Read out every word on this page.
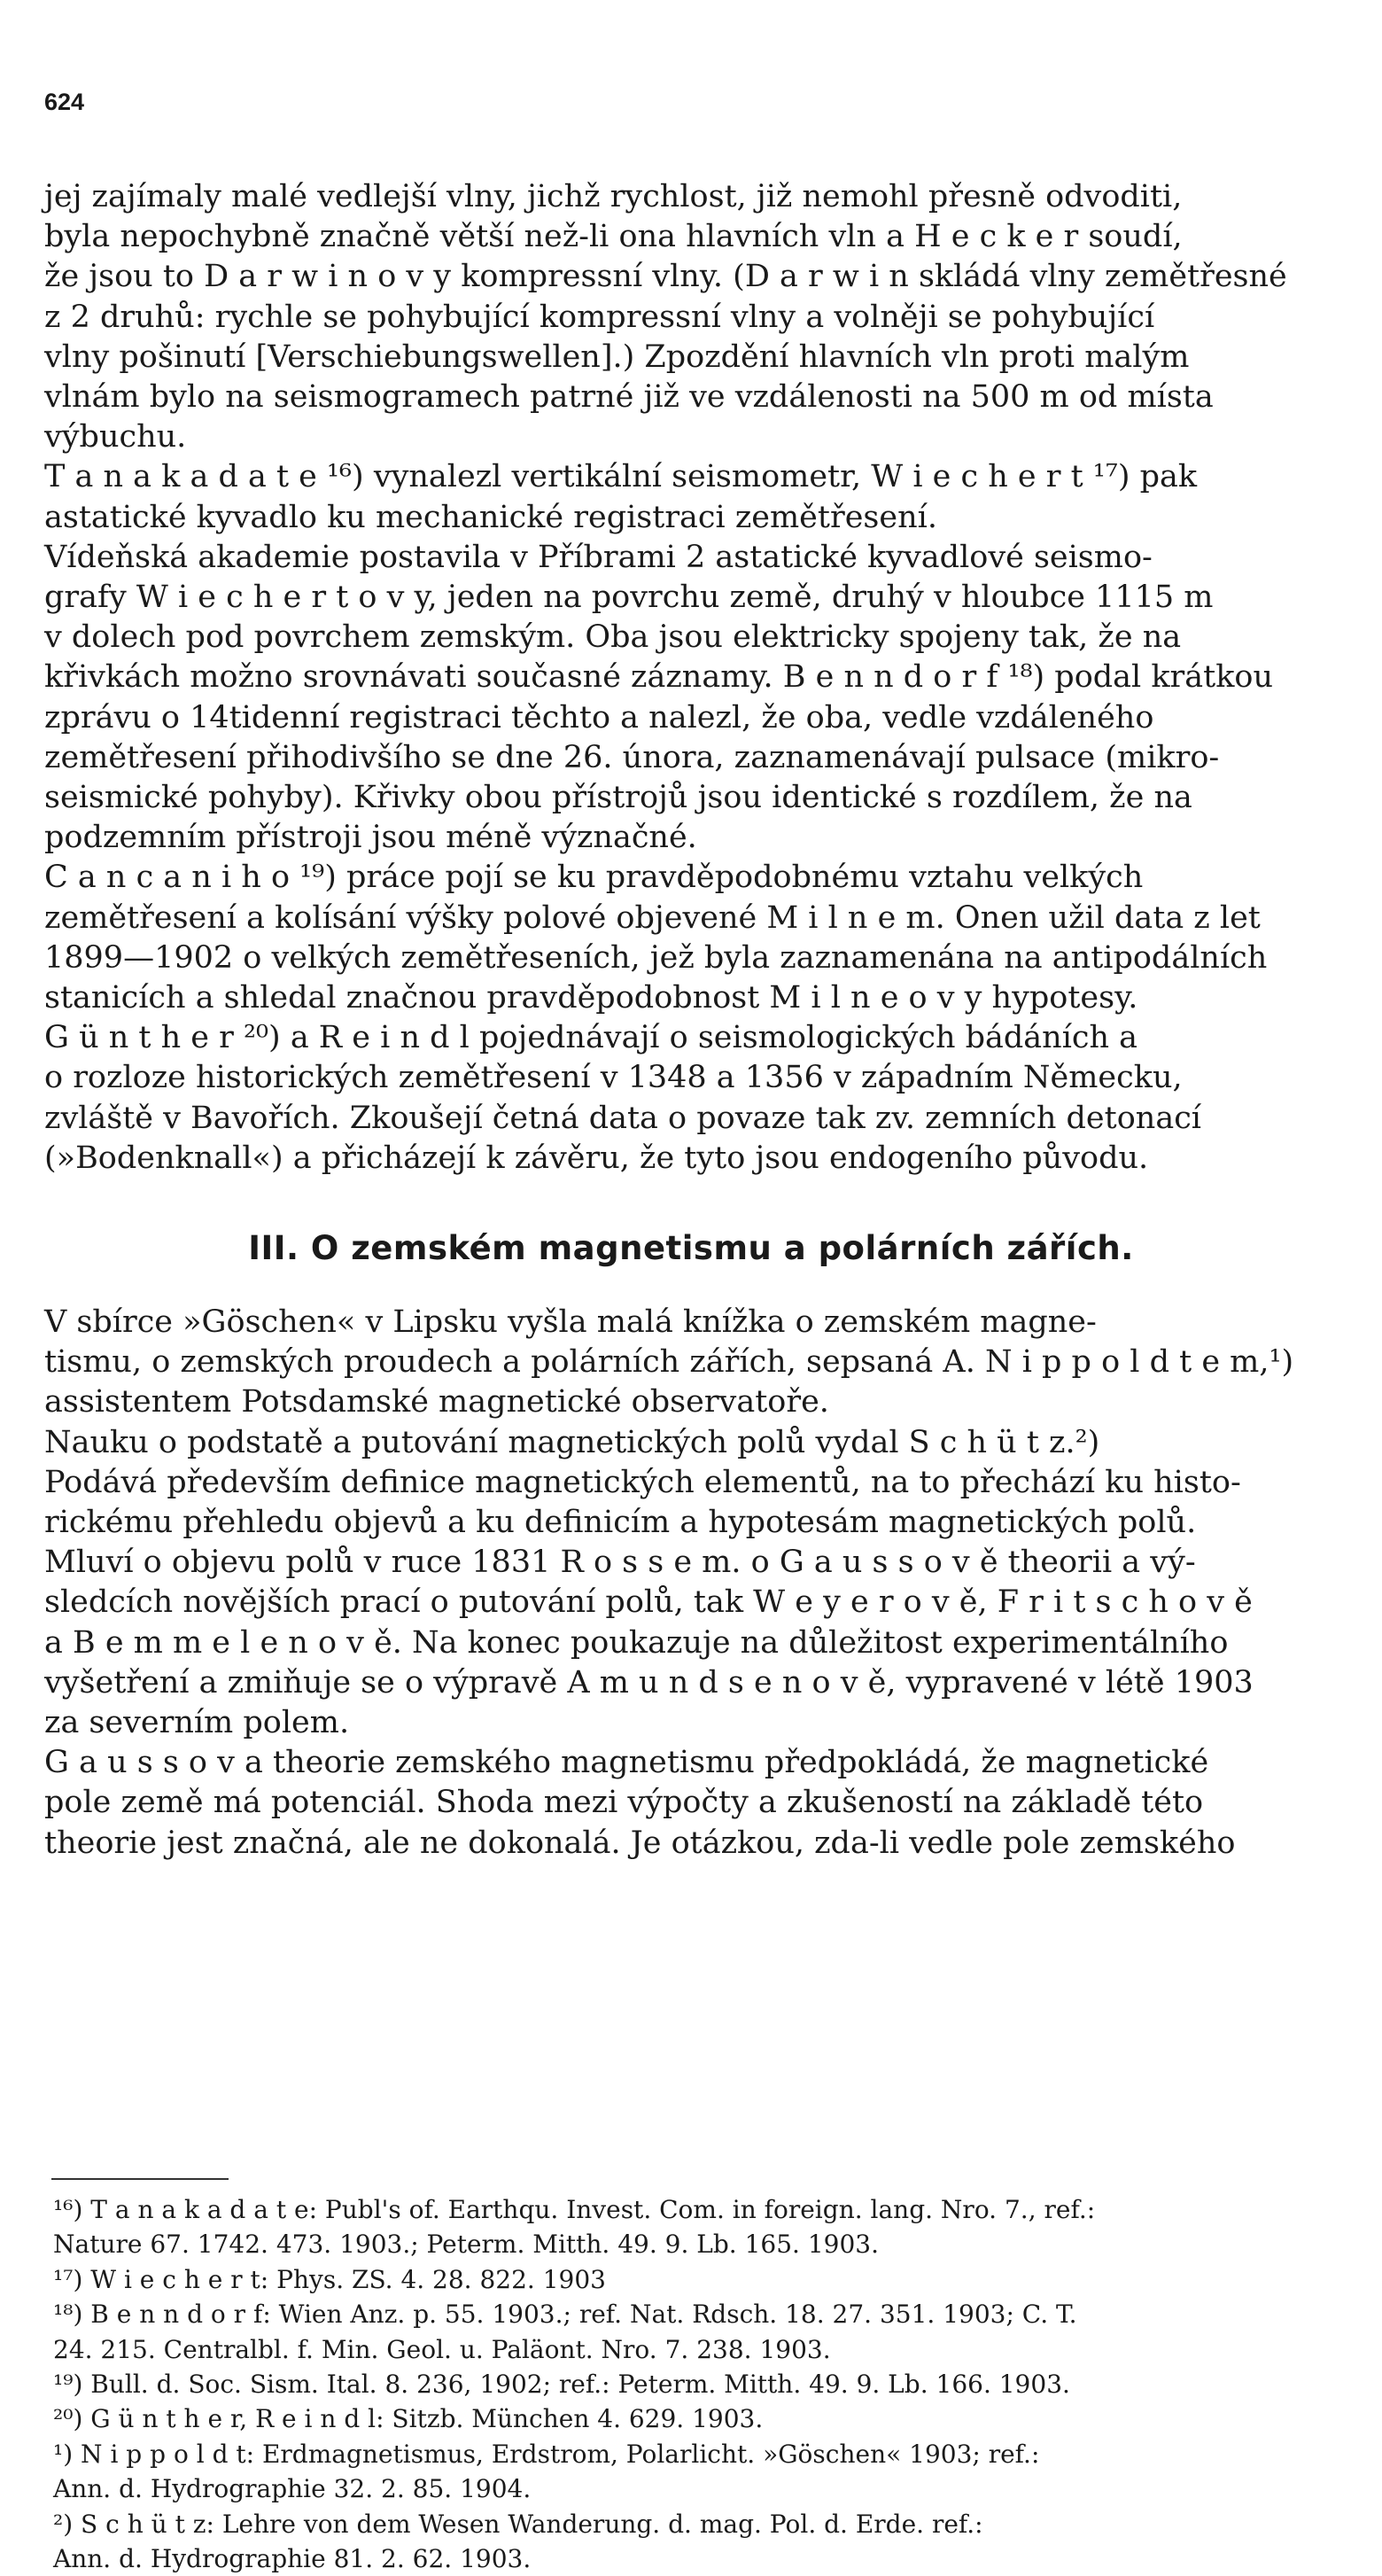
624
jej zajímaly malé vedlejší vlny, jichž rychlost, již nemohl přesně odvoditi,
byla nepochybně značně větší než-li ona hlavních vln a H e c k e r soudí,
že jsou to D a r w i n o v y kompressní vlny. (D a r w i n skládá vlny zemětřesné
z 2 druhů: rychle se pohybující kompressní vlny a volněji se pohybující
vlny pošinutí [Verschiebungswellen].) Zpozdění hlavních vln proti malým
vlnám bylo na seismogramech patrné již ve vzdálenosti na 500 m od místa
výbuchu.
T a n a k a d a t e ¹⁶) vynalezl vertikální seismometr, W i e c h e r t ¹⁷) pak
astatické kyvadlo ku mechanické registraci zemětřesení.
Vídeňská akademie postavila v Příbrami 2 astatické kyvadlové seismo-
grafy W i e c h e r t o v y, jeden na povrchu země, druhý v hloubce 1115 m
v dolech pod povrchem zemským. Oba jsou elektricky spojeny tak, že na
křivkách možno srovnávati současné záznamy. B e n n d o r f ¹⁸) podal krátkou
zprávu o 14tidenní registraci těchto a nalezl, že oba, vedle vzdáleného
zemětřesení přihodivšího se dne 26. února, zaznamenávají pulsace (mikro-
seismické pohyby). Křivky obou přístrojů jsou identické s rozdílem, že na
podzemním přístroji jsou méně význačné.
C a n c a n i h o ¹⁹) práce pojí se ku pravděpodobnému vztahu velkých
zemětřesení a kolísání výšky polové objevené M i l n e m. Onen užil data z let
1899—1902 o velkých zemětřeseních, jež byla zaznamenána na antipodálních
stanicích a shledal značnou pravděpodobnost M i l n e o v y hypotesy.
G ü n t h e r ²⁰) a R e i n d l pojednávají o seismologických bádáních a
o rozloze historických zemětřesení v 1348 a 1356 v západním Německu,
zvláště v Bavořích. Zkoušejí četná data o povaze tak zv. zemních detonací
(»Bodenknall«) a přicházejí k závěru, že tyto jsou endogeního původu.
III. O zemském magnetismu a polárních zářích.
V sbírce »Göschen« v Lipsku vyšla malá knížka o zemském magne-
tismu, o zemských proudech a polárních zářích, sepsaná A. N i p p o l d t e m,¹)
assistentem Potsdamské magnetické observatoře.
Nauku o podstatě a putování magnetických polů vydal S c h ü t z.²)
Podává především definice magnetických elementů, na to přechází ku histo-
rickému přehledu objevů a ku definicím a hypotesám magnetických polů.
Mluví o objevu polů v ruce 1831 R o s s e m. o G a u s s o v ě theorii a vý-
sledcích novějších prací o putování polů, tak W e y e r o v ě, F r i t s c h o v ě
a B e m m e l e n o v ě. Na konec poukazuje na důležitost experimentálního
vyšetření a zmiňuje se o výpravě A m u n d s e n o v ě, vypravené v létě 1903
za severním polem.
G a u s s o v a theorie zemského magnetismu předpokládá, že magnetické
pole země má potenciál. Shoda mezi výpočty a zkušeností na základě této
theorie jest značná, ale ne dokonalá. Je otázkou, zda-li vedle pole zemského
¹⁶) T a n a k a d a t e: Publ's of. Earthqu. Invest. Com. in foreign. lang. Nro. 7., ref.:
Nature 67. 1742. 473. 1903.; Peterm. Mitth. 49. 9. Lb. 165. 1903.
¹⁷) W i e c h e r t: Phys. ZS. 4. 28. 822. 1903
¹⁸) B e n n d o r f: Wien Anz. p. 55. 1903.; ref. Nat. Rdsch. 18. 27. 351. 1903; C. T.
24. 215. Centralbl. f. Min. Geol. u. Paläont. Nro. 7. 238. 1903.
¹⁹) Bull. d. Soc. Sism. Ital. 8. 236, 1902; ref.: Peterm. Mitth. 49. 9. Lb. 166. 1903.
²⁰) G ü n t h e r, R e i n d l: Sitzb. München 4. 629. 1903.
¹) N i p p o l d t: Erdmagnetismus, Erdstrom, Polarlicht. »Göschen« 1903; ref.:
Ann. d. Hydrographie 32. 2. 85. 1904.
²) S c h ü t z: Lehre von dem Wesen Wanderung. d. mag. Pol. d. Erde. ref.:
Ann. d. Hydrographie 81. 2. 62. 1903.
